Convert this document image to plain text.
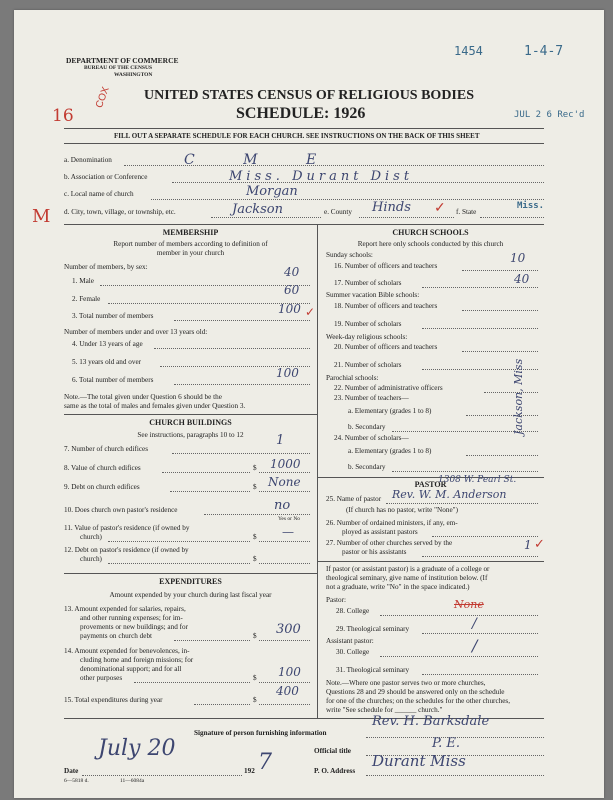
DEPARTMENT OF COMMERCE
BUREAU OF THE CENSUS
WASHINGTON
UNITED STATES CENSUS OF RELIGIOUS BODIES
SCHEDULE: 1926
FILL OUT A SEPARATE SCHEDULE FOR EACH CHURCH. SEE INSTRUCTIONS ON THE BACK OF THIS SHEET
1454	1-4-7
JUL 2 6 Rec'd
16
COX
a. Denomination	C M E
b. Association or Conference	Miss. Durant Dist
c. Local name of church	Morgan
M d. City, town, village, or township, etc.	Jackson	e. County Hinds ✓ f. State
Miss.
MEMBERSHIP
Report number of members according to definition of
member in your church
Number of members, by sex:
1. Male
40
2. Female
60
3. Total number of members	100 ✓
Number of members under and over 13 years old:
4. Under 13 years of age
5. 13 years old and over
6. Total number of members	100
Note.—The total given under Question 6 should be the
same as the total of males and females given under Question 3.
CHURCH BUILDINGS
See instructions, paragraphs 10 to 12
7. Number of church edifices
1
8. Value of church edifices	$ 1000
9. Debt on church edifices	$ None
10. Does church own pastor's residence	no
Yes or No
11. Value of pastor's residence (if owned by
church)	$ —
12. Debt on pastor's residence (if owned by
church)	$
EXPENDITURES
Amount expended by your church during last fiscal year
13. Amount expended for salaries, repairs,
and other running expenses; for im-
provements or new buildings; and for
payments on church debt	$ 300
14. Amount expended for benevolences, in-
cluding home and foreign missions; for
denominational support; and for all
other purposes	$ 100
15. Total expenditures during year	$
400
CHURCH SCHOOLS
Report here only schools conducted by this church
Sunday schools:
16. Number of officers and teachers
10
17. Number of scholars	40
Summer vacation Bible schools:
18. Number of officers and teachers
19. Number of scholars
Week-day religious schools:
20. Number of officers and teachers
21. Number of scholars
Parochial schools:
22. Number of administrative officers
23. Number of teachers—
a. Elementary (grades 1 to 8)
b. Secondary
24. Number of scholars—
a. Elementary (grades 1 to 8)
b. Secondary
Jackson, Miss
PASTOR
1308 W. Pearl St.
25. Name of pastor Rev. W. M. Anderson
(If church has no pastor, write "None")
26. Number of ordained ministers, if any, em-
ployed as assistant pastors
27. Number of other churches served by the
pastor or his assistants	1 ✓
If pastor (or assistant pastor) is a graduate of a college or
theological seminary, give name of institution below. (If
not a graduate, write "No" in the space indicated.)
Pastor:
28. College	None
29. Theological seminary	/
Assistant pastor:
30. College	/
31. Theological seminary
Note.—Where one pastor serves two or more churches,
Questions 28 and 29 should be answered only on the schedule
for one of the churches; on the schedules for the other churches,
write "See schedule for ______ church."
Signature of person furnishing information
Rev. H. Barksdale
Official title	P. E.
P. O. Address
Durant Miss
Date
July 20
192 7
6—5818 d.	11—6084a
